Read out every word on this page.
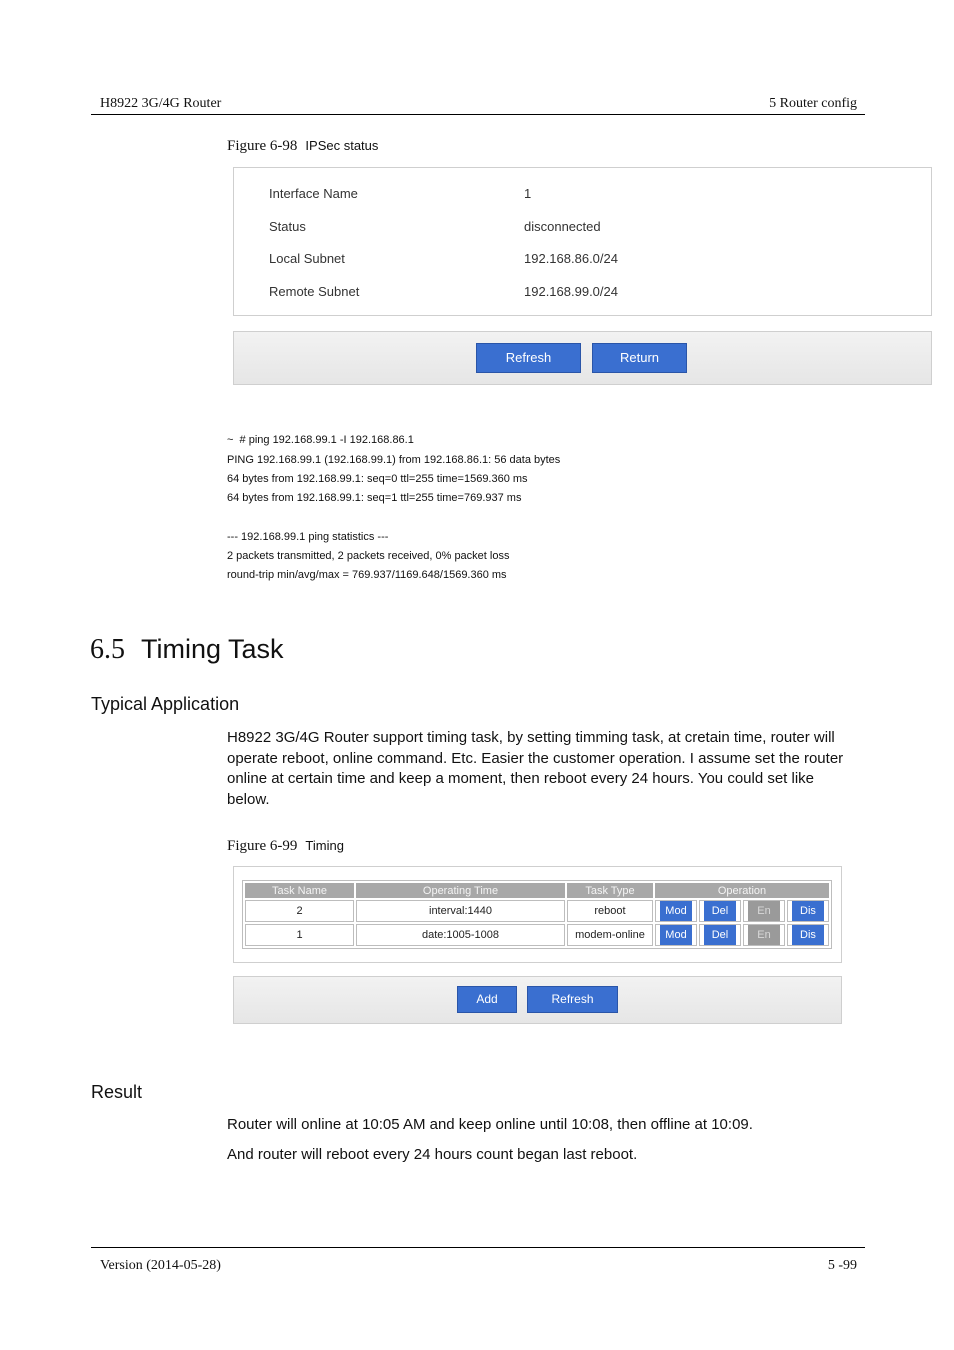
H8922 3G/4G Router	5 Router config
Figure 6-98 IPSec status
Interface Name	1
Status	disconnected
Local Subnet	192.168.86.0/24
Remote Subnet	192.168.99.0/24
Refresh	Return
~  # ping 192.168.99.1 -I 192.168.86.1
PING 192.168.99.1 (192.168.99.1) from 192.168.86.1: 56 data bytes
64 bytes from 192.168.99.1: seq=0 ttl=255 time=1569.360 ms
64 bytes from 192.168.99.1: seq=1 ttl=255 time=769.937 ms
--- 192.168.99.1 ping statistics ---
2 packets transmitted, 2 packets received, 0% packet loss
round-trip min/avg/max = 769.937/1169.648/1569.360 ms
6.5 Timing Task
Typical Application
H8922 3G/4G Router support timing task, by setting timming task, at cretain time, router will
operate reboot, online command. Etc. Easier the customer operation. I assume set the router
online at certain time and keep a moment, then reboot every 24 hours. You could set like
below.
Figure 6-99 Timing
Task Name	Operating Time	Task Type	Operation			
2	interval:1440	reboot	Mod	Del	En	Dis
1	date:1005-1008	modem-online	Mod	Del	En	Dis
Add	Refresh
Result
Router will online at 10:05 AM and keep online until 10:08, then offline at 10:09.
And router will reboot every 24 hours count began last reboot.
Version (2014-05-28)	5 -99
